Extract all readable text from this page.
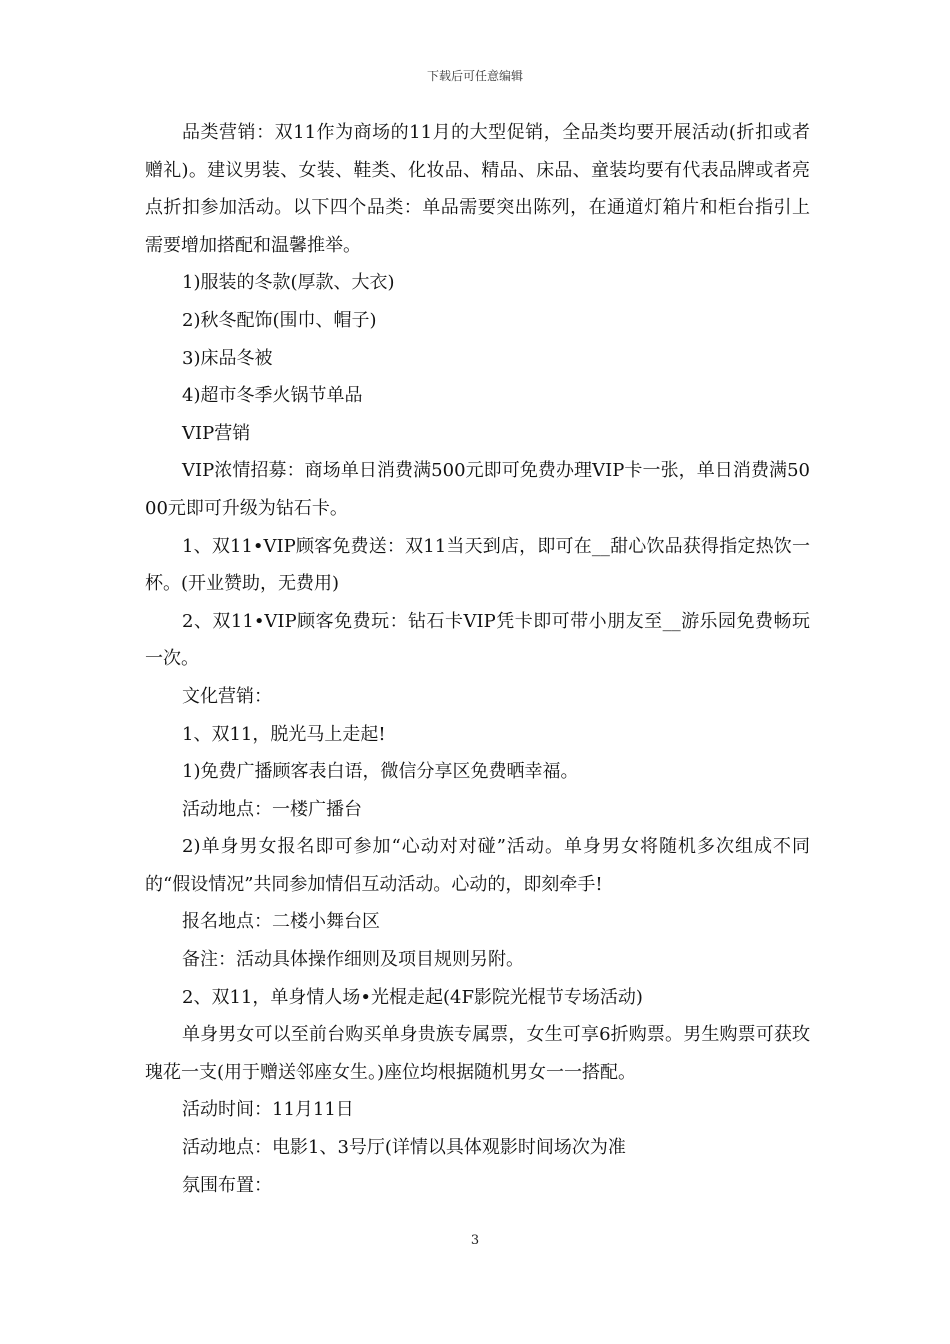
下载后可任意编辑

品类营销：双11作为商场的11月的大型促销，全品类均要开展活动(折扣或者赠礼)。建议男装、女装、鞋类、化妆品、精品、床品、童装均要有代表品牌或者亮点折扣参加活动。以下四个品类：单品需要突出陈列，在通道灯箱片和柜台指引上需要增加搭配和温馨推举。

1)服装的冬款(厚款、大衣)

2)秋冬配饰(围巾、帽子)

3)床品冬被

4)超市冬季火锅节单品

VIP营销

VIP浓情招募：商场单日消费满500元即可免费办理VIP卡一张，单日消费满5000元即可升级为钻石卡。

1、双11•VIP顾客免费送：双11当天到店，即可在__甜心饮品获得指定热饮一杯。(开业赞助，无费用)

2、双11•VIP顾客免费玩：钻石卡VIP凭卡即可带小朋友至__游乐园免费畅玩一次。

文化营销：

1、双11，脱光马上走起!

1)免费广播顾客表白语，微信分享区免费晒幸福。

活动地点：一楼广播台

2)单身男女报名即可参加“心动对对碰”活动。单身男女将随机多次组成不同的“假设情况”共同参加情侣互动活动。心动的，即刻牵手!

报名地点：二楼小舞台区

备注：活动具体操作细则及项目规则另附。

2、双11，单身情人场•光棍走起(4F影院光棍节专场活动)

单身男女可以至前台购买单身贵族专属票，女生可享6折购票。男生购票可获玫瑰花一支(用于赠送邻座女生。)座位均根据随机男女一一搭配。

活动时间：11月11日

活动地点：电影1、3号厅(详情以具体观影时间场次为准

氛围布置：

3
